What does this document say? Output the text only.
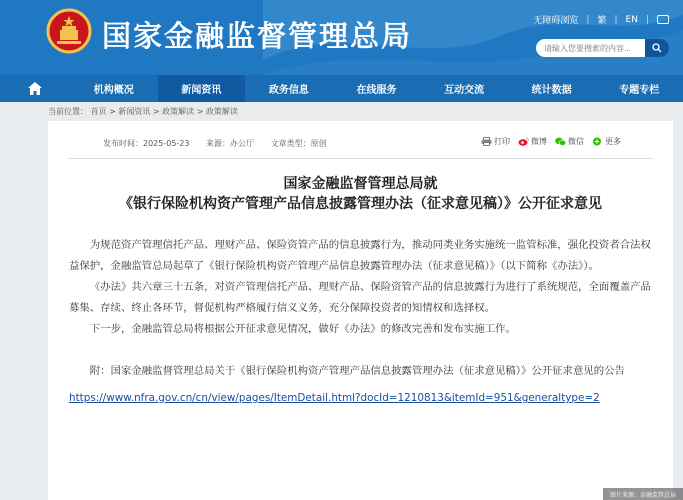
国家金融监督管理总局	无障碍浏览 | 繁 | EN |
请输入您要搜索的内容...
机构概况	新闻资讯	政务信息	在线服务	互动交流	统计数据	专题专栏
当前位置： 首页 > 新闻资讯 > 政策解读 > 政策解读
发布时间：2025-05-23 来源：办公厅 文章类型：原创	打印	微博	微信	更多
国家金融监督管理总局就
《银行保险机构资产管理产品信息披露管理办法（征求意见稿）》公开征求意见

为规范资产管理信托产品、理财产品、保险资管产品的信息披露行为，推动同类业务实施统一监管标准，强化投资者合法权益保护，金融监管总局起草了《银行保险机构资产管理产品信息披露管理办法（征求意见稿）》（以下简称《办法》）。

《办法》共六章三十五条，对资产管理信托产品、理财产品、保险资管产品的信息披露行为进行了系统规范，全面覆盖产品募集、存续、终止各环节，督促机构严格履行信义义务，充分保障投资者的知情权和选择权。

下一步，金融监管总局将根据公开征求意见情况，做好《办法》的修改完善和发布实施工作。

附：国家金融监督管理总局关于《银行保险机构资产管理产品信息披露管理办法（征求意见稿）》公开征求意见的公告

https://www.nfra.gov.cn/cn/view/pages/ItemDetail.html?docId=1210813&itemId=951&generaltype=2
图片来源：金融监管总局
